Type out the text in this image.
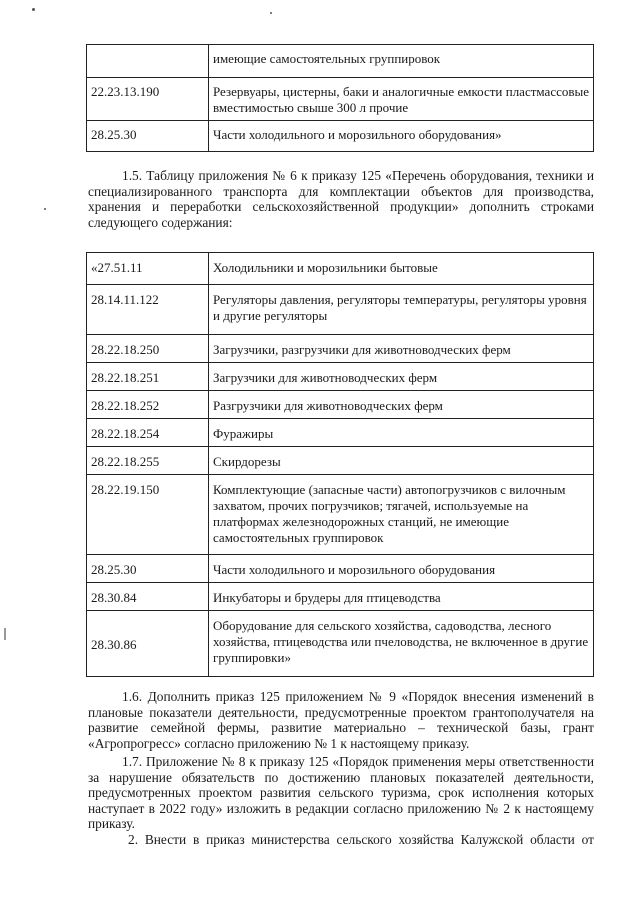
	имеющие самостоятельных группировок
22.23.13.190	Резервуары, цистерны, баки и аналогичные емкости пластмассовые вместимостью свыше 300 л прочие
28.25.30	Части холодильного и морозильного оборудования»

1.5. Таблицу приложения № 6 к приказу 125 «Перечень оборудования, техники и специализированного транспорта для комплектации объектов для производства, хранения и переработки сельскохозяйственной продукции» дополнить строками следующего содержания:

«27.51.11	Холодильники и морозильники бытовые
28.14.11.122	Регуляторы давления, регуляторы температуры, регуляторы уровня и другие регуляторы
28.22.18.250	Загрузчики, разгрузчики для животноводческих ферм
28.22.18.251	Загрузчики для животноводческих ферм
28.22.18.252	Разгрузчики для животноводческих ферм
28.22.18.254	Фуражиры
28.22.18.255	Скирдорезы
28.22.19.150	Комплектующие (запасные части) автопогрузчиков с вилочным захватом, прочих погрузчиков; тягачей, используемые на платформах железнодорожных станций, не имеющие самостоятельных группировок
28.25.30	Части холодильного и морозильного оборудования
28.30.84	Инкубаторы и брудеры для птицеводства
28.30.86	Оборудование для сельского хозяйства, садоводства, лесного хозяйства, птицеводства или пчеловодства, не включенное в другие группировки»

1.6. Дополнить приказ 125 приложением № 9 «Порядок внесения изменений в плановые показатели деятельности, предусмотренные проектом грантополучателя на развитие семейной фермы, развитие материально – технической базы, грант «Агропрогресс» согласно приложению № 1 к настоящему приказу.

1.7. Приложение № 8 к приказу 125 «Порядок применения меры ответственности за нарушение обязательств по достижению плановых показателей деятельности, предусмотренных проектом развития сельского туризма, срок исполнения которых наступает в 2022 году» изложить в редакции согласно приложению № 2 к настоящему приказу.

2. Внести в приказ министерства сельского хозяйства Калужской области от
